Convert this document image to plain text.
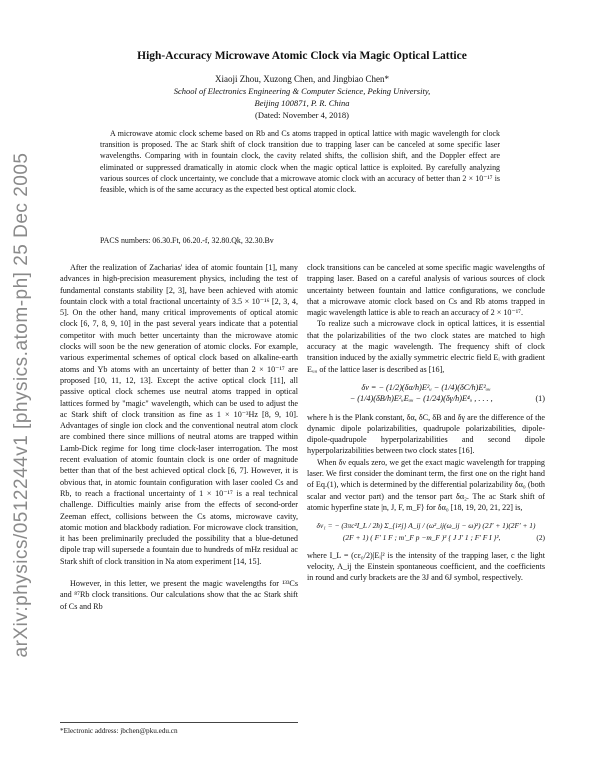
arXiv:physics/0512244v1 [physics.atom-ph] 25 Dec 2005
High-Accuracy Microwave Atomic Clock via Magic Optical Lattice
Xiaoji Zhou, Xuzong Chen, and Jingbiao Chen*
School of Electronics Engineering & Computer Science, Peking University,
Beijing 100871, P. R. China
(Dated: November 4, 2018)
A microwave atomic clock scheme based on Rb and Cs atoms trapped in optical lattice with magic wavelength for clock transition is proposed. The ac Stark shift of clock transition due to trapping laser can be canceled at some specific laser wavelengths. Comparing with in fountain clock, the cavity related shifts, the collision shift, and the Doppler effect are eliminated or suppressed dramatically in atomic clock when the magic optical lattice is exploited. By carefully analyzing various sources of clock uncertainty, we conclude that a microwave atomic clock with an accuracy of better than 2 × 10⁻¹⁷ is feasible, which is of the same accuracy as the expected best optical atomic clock.
PACS numbers: 06.30.Ft, 06.20.-f, 32.80.Qk, 32.30.Bv

After the realization of Zacharias' idea of atomic fountain [1], many advances in high-precision measurement physics, including the test of fundamental constants stability [2, 3], have been achieved with atomic fountain clock with a total fractional uncertainty of 3.5 × 10⁻¹⁶ [2, 3, 4, 5]. On the other hand, many critical improvements of optical atomic clock [6, 7, 8, 9, 10] in the past several years indicate that a potential competitor with much better uncertainty than the microwave atomic clocks will soon be the new generation of atomic clocks. For example, various experimental schemes of optical clock based on alkaline-earth atoms and Yb atoms with an uncertainty of better than 2 × 10⁻¹⁷ are proposed [10, 11, 12, 13]. Except the active optical clock [11], all passive optical clock schemes use neutral atoms trapped in optical lattices formed by "magic" wavelength, which can be used to adjust the ac Stark shift of clock transition as fine as 1 × 10⁻³Hz [8, 9, 10]. Advantages of single ion clock and the conventional neutral atom clock are combined there since millions of neutral atoms are trapped within Lamb-Dick regime for long time clock-laser interrogation. The most recent evaluation of atomic fountain clock is one order of magnitude better than that of the best achieved optical clock [6, 7]. However, it is obvious that, in atomic fountain configuration with laser cooled Cs and Rb, to reach a fractional uncertainty of 1 × 10⁻¹⁷ is a real technical challenge. Difficulties mainly arise from the effects of second-order Zeeman effect, collisions between the Cs atoms, microwave cavity, atomic motion and blackbody radiation. For microwave clock transition, it has been preliminarily precluded the possibility that a blue-detuned dipole trap will supersede a fountain due to hundreds of mHz residual ac Stark shift of clock transition in Na atom experiment [14, 15].

However, in this letter, we present the magic wavelengths for ¹³³Cs and ⁸⁷Rb clock transitions. Our calculations show that the ac Stark shift of Cs and Rb

clock transitions can be canceled at some specific magic wavelengths of trapping laser. Based on a careful analysis of various sources of clock uncertainty between fountain and lattice configurations, we conclude that a microwave atomic clock based on Cs and Rb atoms trapped in magic wavelength lattice is able to reach an accuracy of 2 × 10⁻¹⁷.

To realize such a microwave clock in optical lattices, it is essential that the polarizabilities of the two clock states are matched to high accuracy at the magic wavelength. The frequency shift of clock transition induced by the axially symmetric electric field Eᵢ with gradient Eᵤᵤ of the lattice laser is described as [16],

δν = − (1/2)(δα/h)E²ᵤ − (1/4)(δC/h)E²ᵤᵤ
− (1/4)(δB/h)E²ᵤEᵤᵤ − (1/24)(δγ/h)E⁴ᵤ , . . . ,	(1)

where h is the Plank constant, δα, δC, δB and δγ are the difference of the dynamic dipole polarizabilities, quadrupole polarizabilities, dipole-dipole-quadrupole hyperpolarizabilities and second dipole hyperpolarizabilities between two clock states [16].

When δν equals zero, we get the exact magic wavelength for trapping laser. We first consider the dominant term, the first one on the right hand of Eq.(1), which is determined by the differential polarizability δα₀ (both scalar and vector part) and the tensor part δα₂. The ac Stark shift of atomic hyperfine state |n, J, F, m_F⟩ for δα₀ [18, 19, 20, 21, 22] is,

δν₁ = − (3πc²I_L / 2ħ) Σ_{i≠j} A_ij / (ω²_ij(ω_ij − ω)²) (2J′ + 1)(2F′ + 1)
(2F + 1) ( F′ 1 F ; m′_F p −m_F )² { J J′ 1 ; F′ F I }²,	(2)

where I_L = (cε₀/2)|Eᵢ|² is the intensity of the trapping laser, c the light velocity, A_ij the Einstein spontaneous coefficient, and the coefficients in round and curly brackets are the 3J and 6J symbol, respectively.

*Electronic address: jbchen@pku.edu.cn
